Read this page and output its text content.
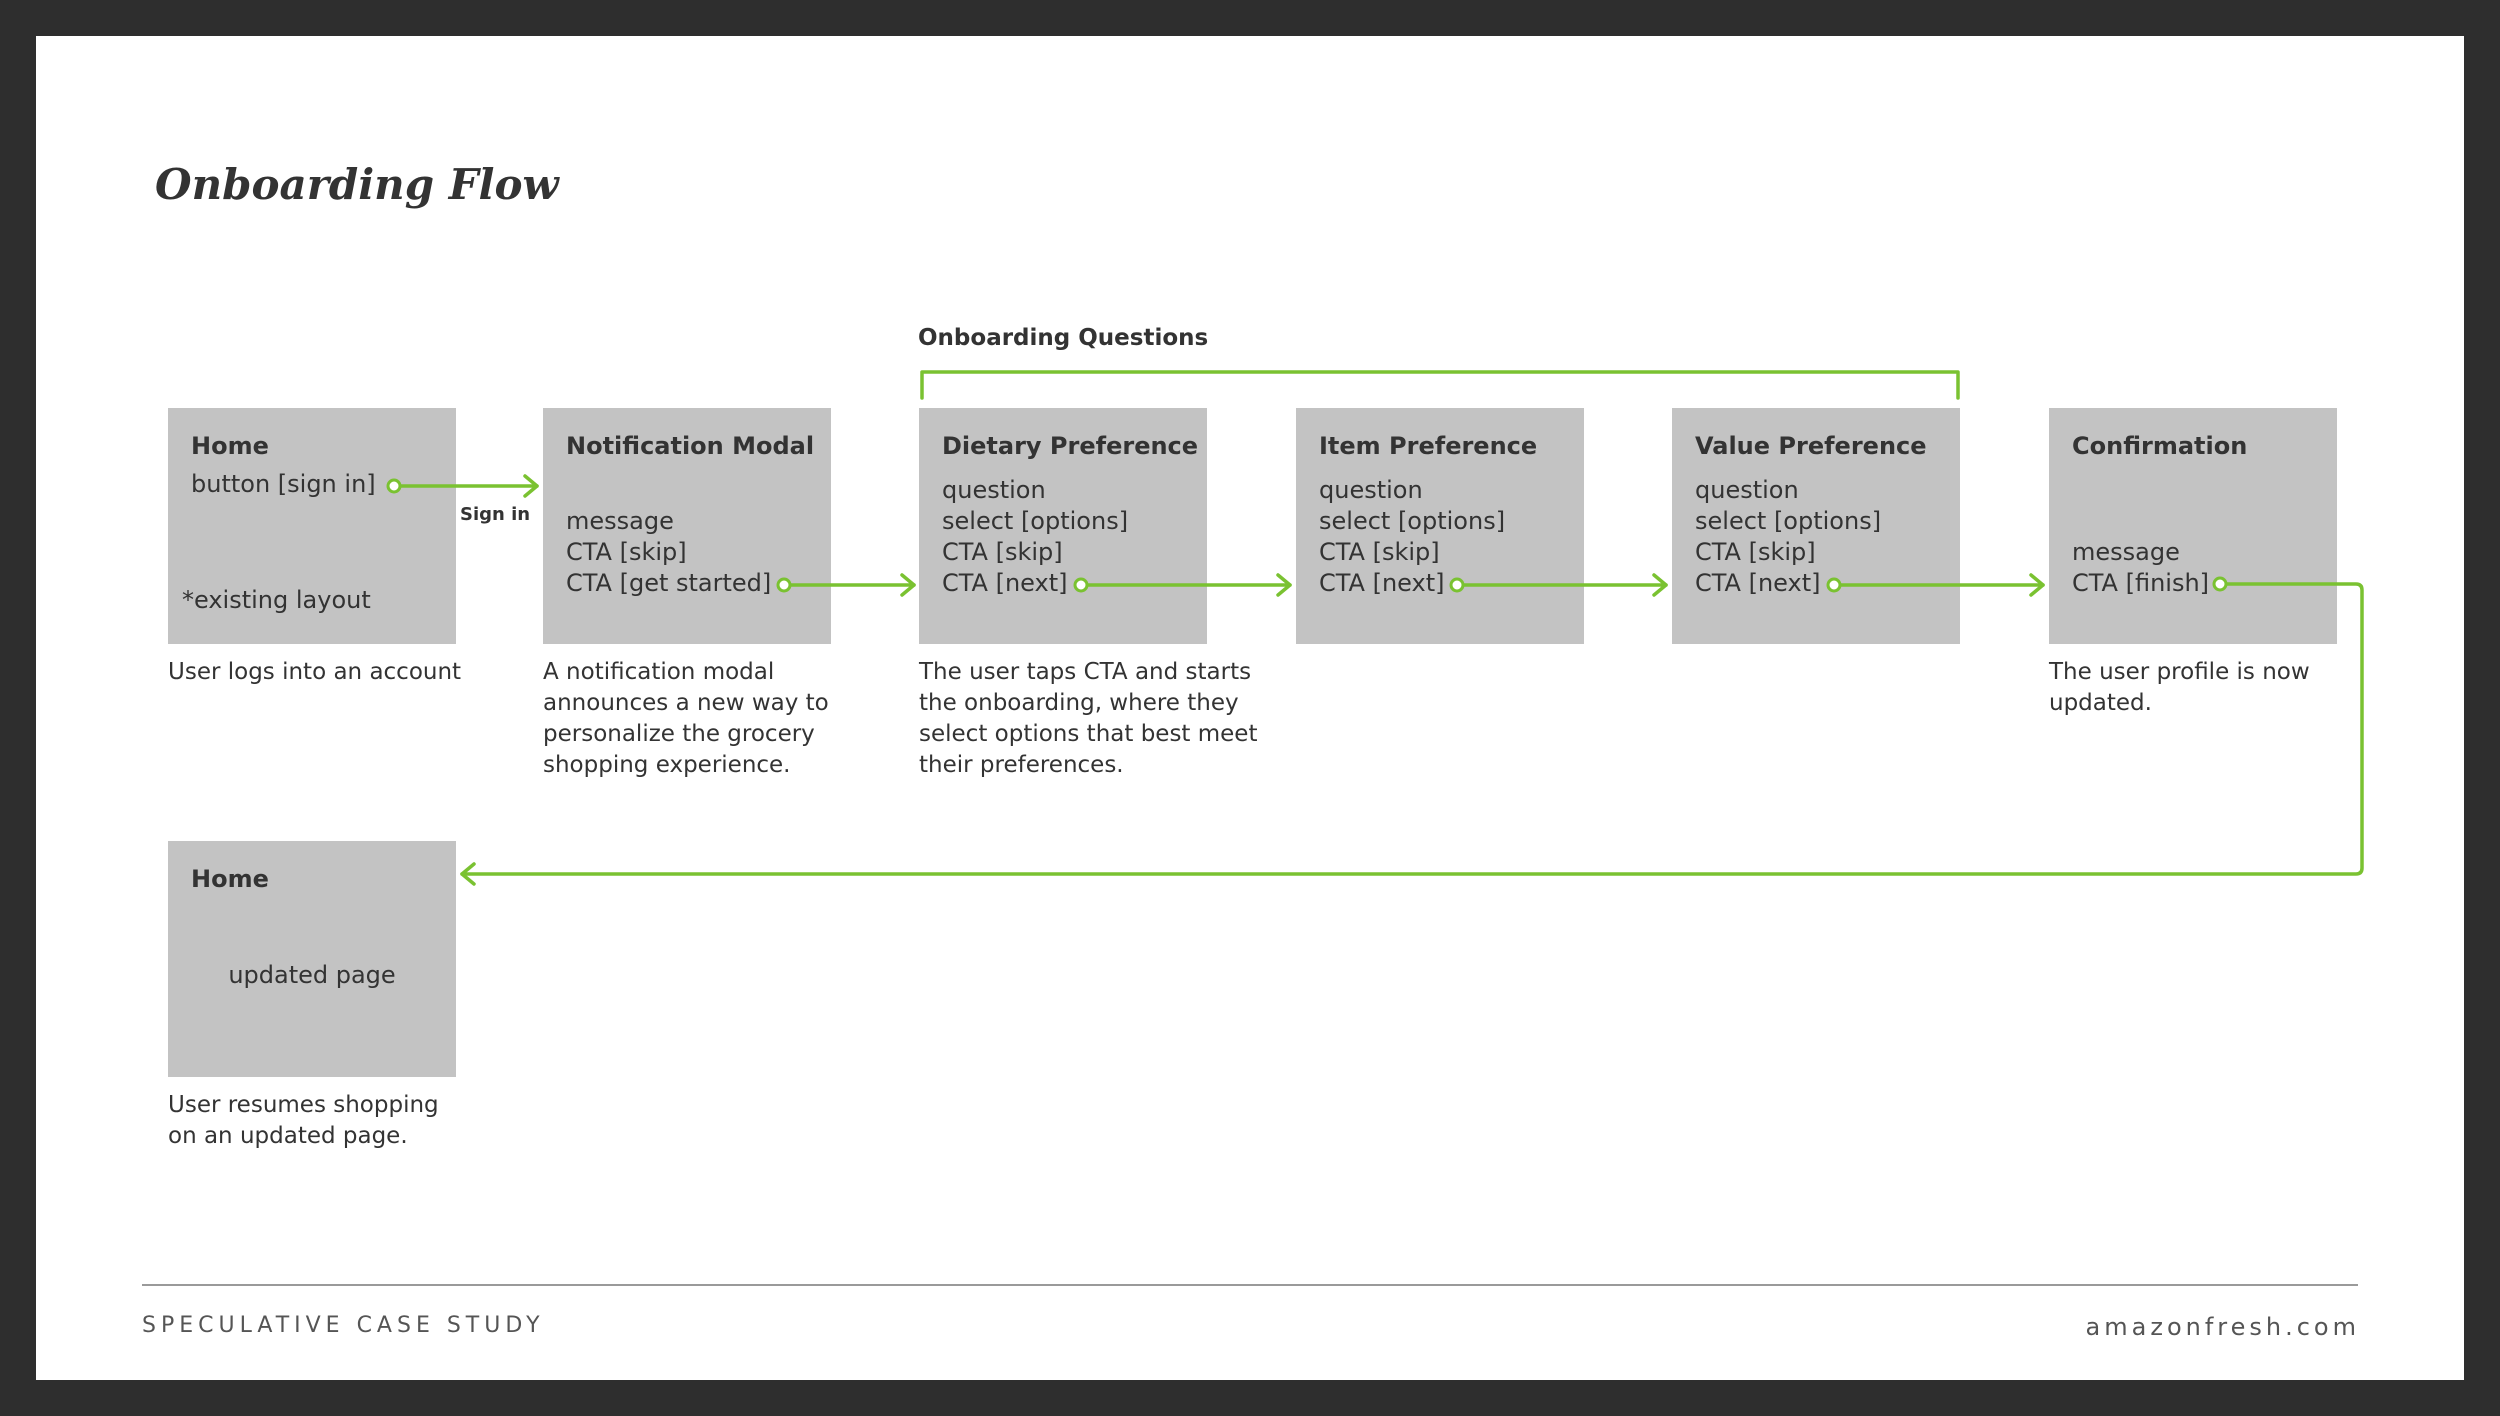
Onboarding Flow
Onboarding Questions
Home
button [sign in]
*existing layout
Notification Modal
message
CTA [skip]
CTA [get started]
Dietary Preference
question
select [options]
CTA [skip]
CTA [next]
Item Preference
question
select [options]
CTA [skip]
CTA [next]
Value Preference
question
select [options]
CTA [skip]
CTA [next]
Confirmation
message
CTA [finish]
Home
updated page
User logs into an account	A notification modal announces a new way to personalize the grocery shopping experience.
The user taps CTA and starts the onboarding, where they select options that best meet their preferences.
The user profile is now updated.
User resumes shopping on an updated page.
Sign in
SPECULATIVE CASE STUDY	amazonfresh.com
